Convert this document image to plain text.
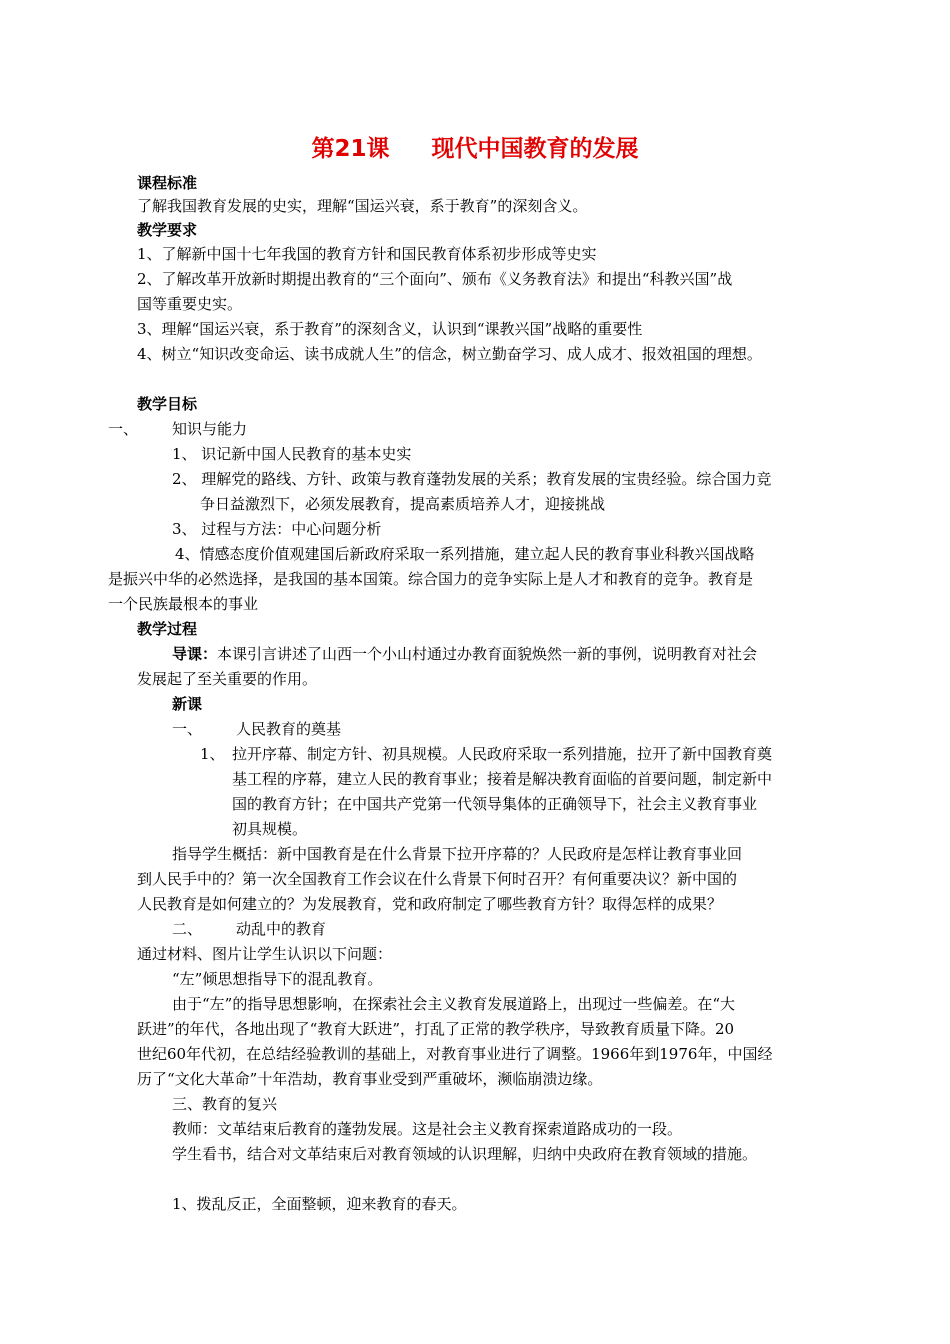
第21课 现代中国教育的发展
课程标准
了解我国教育发展的史实，理解“国运兴衰，系于教育”的深刻含义。
教学要求
1、了解新中国十七年我国的教育方针和国民教育体系初步形成等史实
2、了解改革开放新时期提出教育的“三个面向”、颁布《义务教育法》和提出“科教兴国”战
国等重要史实。
3、理解“国运兴衰，系于教育”的深刻含义，认识到“课教兴国”战略的重要性
4、树立“知识改变命运、读书成就人生”的信念，树立勤奋学习、成人成才、报效祖国的理想。
教学目标
一、 知识与能力
1、 识记新中国人民教育的基本史实
2、 理解党的路线、方针、政策与教育蓬勃发展的关系；教育发展的宝贵经验。综合国力竞
争日益激烈下，必须发展教育，提高素质培养人才，迎接挑战
3、 过程与方法：中心问题分析
4、情感态度价值观建国后新政府采取一系列措施，建立起人民的教育事业科教兴国战略
是振兴中华的必然选择，是我国的基本国策。综合国力的竞争实际上是人才和教育的竞争。教育是
一个民族最根本的事业
教学过程
导课：本课引言讲述了山西一个小山村通过办教育面貌焕然一新的事例，说明教育对社会
发展起了至关重要的作用。
新课
一、 人民教育的奠基
1、 拉开序幕、制定方针、初具规模。人民政府采取一系列措施，拉开了新中国教育奠
基工程的序幕，建立人民的教育事业；接着是解决教育面临的首要问题，制定新中
国的教育方针；在中国共产党第一代领导集体的正确领导下，社会主义教育事业
初具规模。
指导学生概括：新中国教育是在什么背景下拉开序幕的？人民政府是怎样让教育事业回
到人民手中的？第一次全国教育工作会议在什么背景下何时召开？有何重要决议？新中国的
人民教育是如何建立的？为发展教育，党和政府制定了哪些教育方针？取得怎样的成果？
二、 动乱中的教育
通过材料、图片让学生认识以下问题：
“左”倾思想指导下的混乱教育。
由于“左”的指导思想影响，在探索社会主义教育发展道路上，出现过一些偏差。在“大
跃进”的年代，各地出现了“教育大跃进”，打乱了正常的教学秩序，导致教育质量下降。20
世纪60年代初，在总结经验教训的基础上，对教育事业进行了调整。1966年到1976年，中国经
历了“文化大革命”十年浩劫，教育事业受到严重破坏，濒临崩溃边缘。
三、教育的复兴
教师：文革结束后教育的蓬勃发展。这是社会主义教育探索道路成功的一段。
学生看书，结合对文革结束后对教育领域的认识理解，归纳中央政府在教育领域的措施。
1、拨乱反正，全面整顿，迎来教育的春天。
